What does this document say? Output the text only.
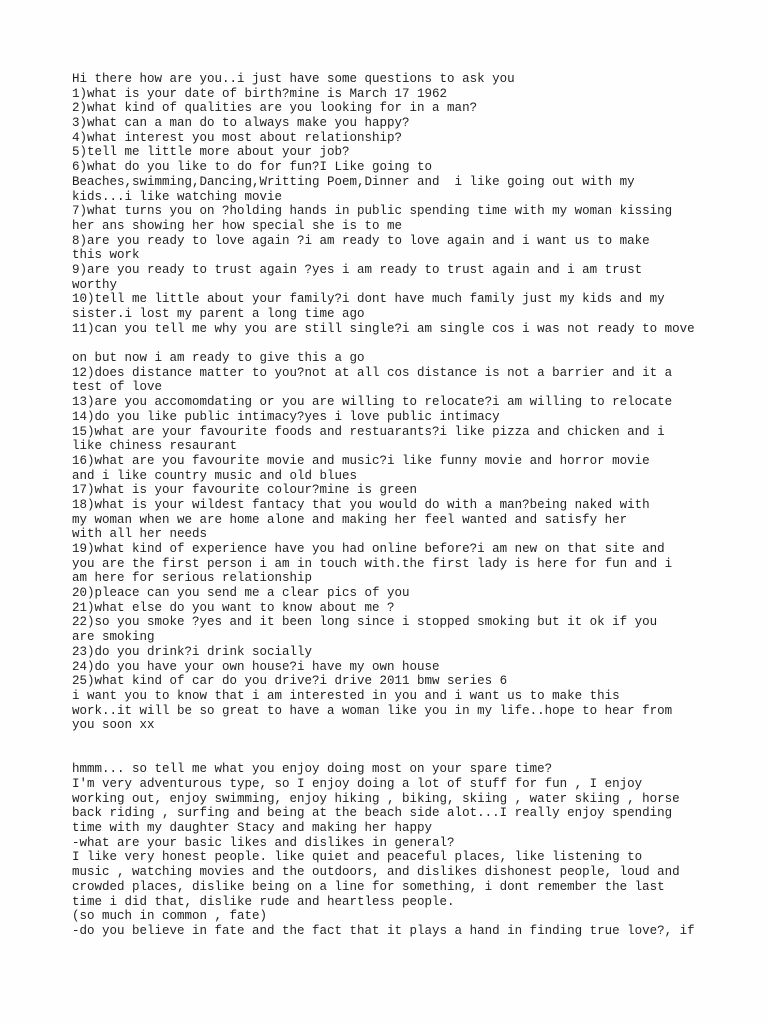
Hi there how are you..i just have some questions to ask you
1)what is your date of birth?mine is March 17 1962
2)what kind of qualities are you looking for in a man?
3)what can a man do to always make you happy?
4)what interest you most about relationship?
5)tell me little more about your job?
6)what do you like to do for fun?I Like going to
Beaches,swimming,Dancing,Writting Poem,Dinner and  i like going out with my
kids...i like watching movie
7)what turns you on ?holding hands in public spending time with my woman kissing
her ans showing her how special she is to me
8)are you ready to love again ?i am ready to love again and i want us to make
this work
9)are you ready to trust again ?yes i am ready to trust again and i am trust
worthy
10)tell me little about your family?i dont have much family just my kids and my
sister.i lost my parent a long time ago
11)can you tell me why you are still single?i am single cos i was not ready to move
on but now i am ready to give this a go
12)does distance matter to you?not at all cos distance is not a barrier and it a
test of love
13)are you accomomdating or you are willing to relocate?i am willing to relocate
14)do you like public intimacy?yes i love public intimacy
15)what are your favourite foods and restuarants?i like pizza and chicken and i
like chiness resaurant
16)what are you favourite movie and music?i like funny movie and horror movie
and i like country music and old blues
17)what is your favourite colour?mine is green
18)what is your wildest fantacy that you would do with a man?being naked with
my woman when we are home alone and making her feel wanted and satisfy her
with all her needs
19)what kind of experience have you had online before?i am new on that site and
you are the first person i am in touch with.the first lady is here for fun and i
am here for serious relationship
20)pleace can you send me a clear pics of you
21)what else do you want to know about me ?
22)so you smoke ?yes and it been long since i stopped smoking but it ok if you
are smoking
23)do you drink?i drink socially
24)do you have your own house?i have my own house
25)what kind of car do you drive?i drive 2011 bmw series 6
i want you to know that i am interested in you and i want us to make this
work..it will be so great to have a woman like you in my life..hope to hear from
you soon xx
hmmm... so tell me what you enjoy doing most on your spare time?
I'm very adventurous type, so I enjoy doing a lot of stuff for fun , I enjoy
working out, enjoy swimming, enjoy hiking , biking, skiing , water skiing , horse
back riding , surfing and being at the beach side alot...I really enjoy spending
time with my daughter Stacy and making her happy
-what are your basic likes and dislikes in general?
I like very honest people. like quiet and peaceful places, like listening to
music , watching movies and the outdoors, and dislikes dishonest people, loud and
crowded places, dislike being on a line for something, i dont remember the last
time i did that, dislike rude and heartless people.
(so much in common , fate)
-do you believe in fate and the fact that it plays a hand in finding true love?, if
